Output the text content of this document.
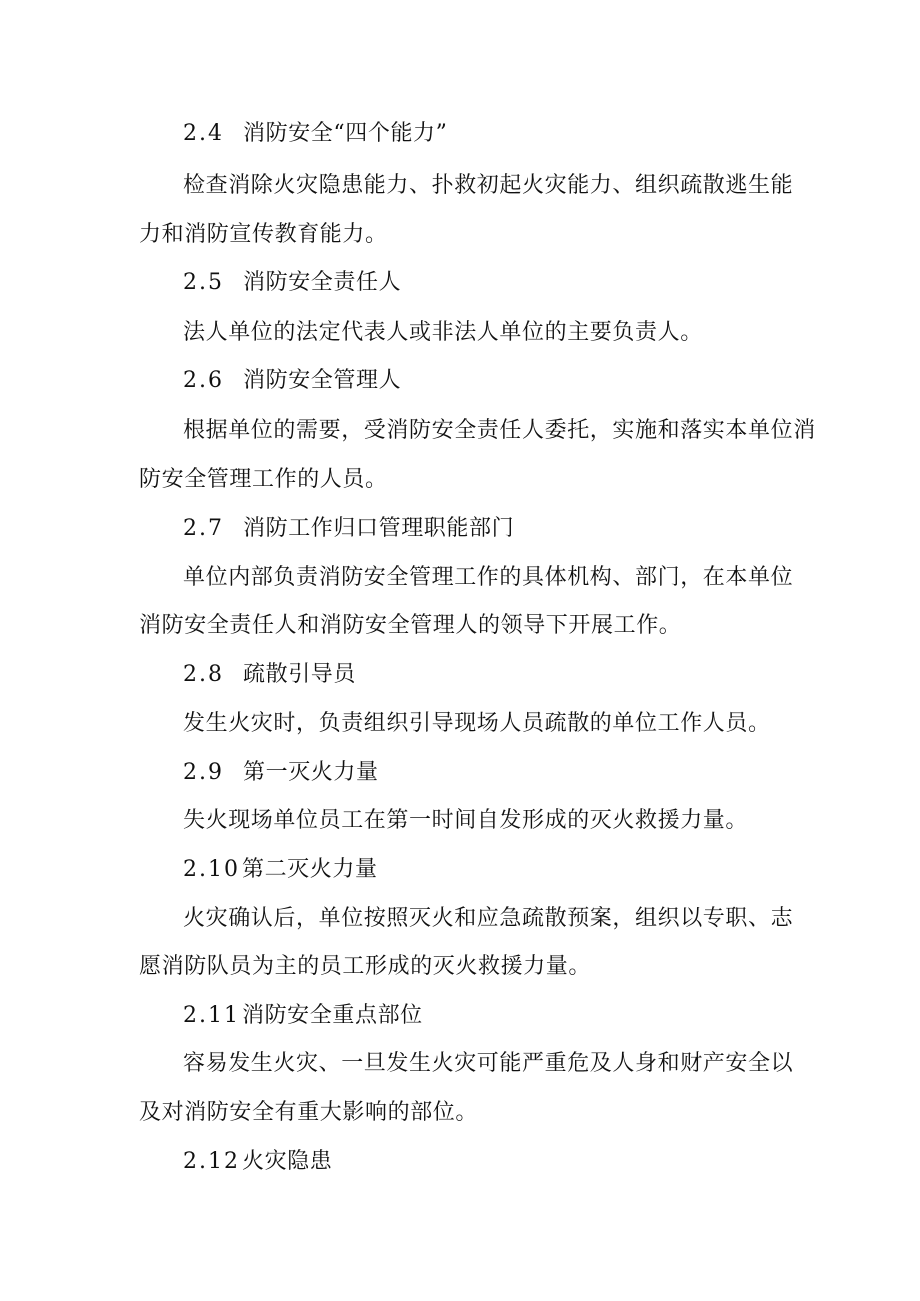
2.4 消防安全“四个能力”
检查消除火灾隐患能力、扑救初起火灾能力、组织疏散逃生能
力和消防宣传教育能力。
2.5 消防安全责任人
法人单位的法定代表人或非法人单位的主要负责人。
2.6 消防安全管理人
根据单位的需要，受消防安全责任人委托，实施和落实本单位消
防安全管理工作的人员。
2.7 消防工作归口管理职能部门
单位内部负责消防安全管理工作的具体机构、部门，在本单位
消防安全责任人和消防安全管理人的领导下开展工作。
2.8 疏散引导员
发生火灾时，负责组织引导现场人员疏散的单位工作人员。
2.9 第一灭火力量
失火现场单位员工在第一时间自发形成的灭火救援力量。
2.10第二灭火力量
火灾确认后，单位按照灭火和应急疏散预案，组织以专职、志
愿消防队员为主的员工形成的灭火救援力量。
2.11消防安全重点部位
容易发生火灾、一旦发生火灾可能严重危及人身和财产安全以
及对消防安全有重大影响的部位。
2.12火灾隐患
